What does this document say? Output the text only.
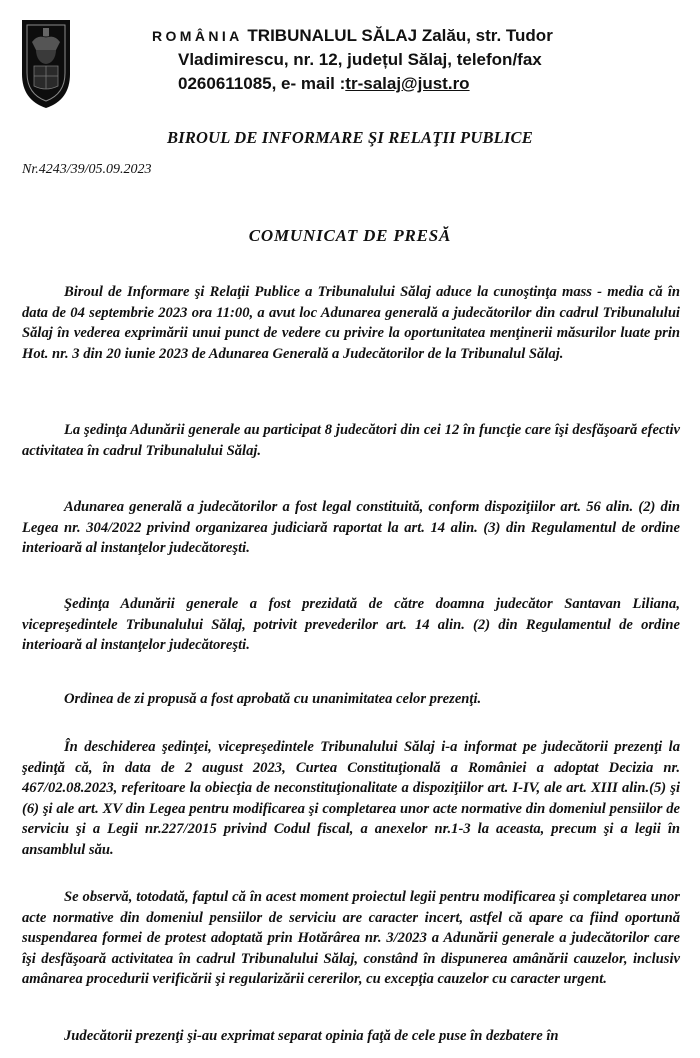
ROMÂNIA TRIBUNALUL SĂLAJ Zalău, str. Tudor
Vladimirescu, nr. 12, județul Sălaj, telefon/fax
0260611085, e- mail :tr-salaj@just.ro
BIROUL DE INFORMARE ŞI RELAŢII PUBLICE
Nr.4243/39/05.09.2023
COMUNICAT DE PRESĂ

Biroul de Informare şi Relaţii Publice a Tribunalului Sălaj aduce la cunoştinţa mass - media că în data de 04 septembrie 2023 ora 11:00, a avut loc Adunarea generală a judecătorilor din cadrul Tribunalului Sălaj în vederea exprimării unui punct de vedere cu privire la oportunitatea menţinerii măsurilor luate prin Hot. nr. 3 din 20 iunie 2023 de Adunarea Generală a Judecătorilor de la Tribunalul Sălaj.

La şedinţa Adunării generale au participat 8 judecători din cei 12 în funcţie care îşi desfăşoară efectiv activitatea în cadrul Tribunalului Sălaj.

Adunarea generală a judecătorilor a fost legal constituită, conform dispoziţiilor art. 56 alin. (2) din Legea nr. 304/2022 privind organizarea judiciară raportat la art. 14 alin. (3) din Regulamentul de ordine interioară al instanţelor judecătoreşti.

Şedinţa Adunării generale a fost prezidată de către doamna judecător Santavan Liliana, vicepreşedintele Tribunalului Sălaj, potrivit prevederilor art. 14 alin. (2) din Regulamentul de ordine interioară al instanţelor judecătoreşti.

Ordinea de zi propusă a fost aprobată cu unanimitatea celor prezenţi.

În deschiderea şedinţei, vicepreşedintele Tribunalului Sălaj i-a informat pe judecătorii prezenţi la şedinţă că, în data de 2 august 2023, Curtea Constituţională a României a adoptat Decizia nr. 467/02.08.2023, referitoare la obiecţia de neconstituţionalitate a dispoziţiilor art. I-IV, ale art. XIII alin.(5) şi (6) şi ale art. XV din Legea pentru modificarea şi completarea unor acte normative din domeniul pensiilor de serviciu şi a Legii nr.227/2015 privind Codul fiscal, a anexelor nr.1-3 la aceasta, precum şi a legii în ansamblul său.

Se observă, totodată, faptul că în acest moment proiectul legii pentru modificarea şi completarea unor acte normative din domeniul pensiilor de serviciu are caracter incert, astfel că apare ca fiind oportună suspendarea formei de protest adoptată prin Hotărârea nr. 3/2023 a Adunării generale a judecătorilor care îşi desfăşoară activitatea în cadrul Tribunalului Sălaj, constând în dispunerea amânării cauzelor, inclusiv amânarea procedurii verificării şi regularizării cererilor, cu excepţia cauzelor cu caracter urgent.

Judecătorii prezenţi şi-au exprimat separat opinia faţă de cele puse în dezbatere în
